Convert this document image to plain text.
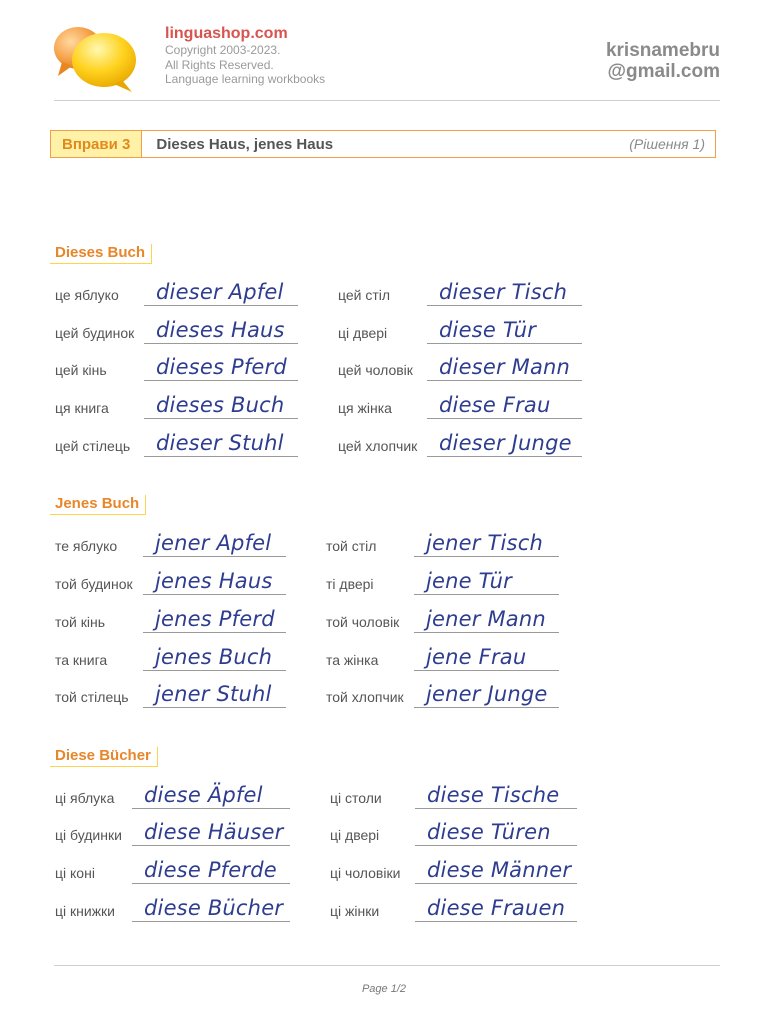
linguashop.com
Copyright 2003-2023.
All Rights Reserved.
Language learning workbooks
krisnamebru
@gmail.com
Вправи 3	Dieses Haus, jenes Haus	(Рішення 1)
Dieses Buch
це яблуко	dieser Apfel	цей стіл	dieser Tisch
цей будинок	dieses Haus	ці двері	diese Tür
цей кінь	dieses Pferd	цей чоловік	dieser Mann
ця книга	dieses Buch	ця жінка	diese Frau
цей стілець	dieser Stuhl	цей хлопчик	dieser Junge
Jenes Buch
те яблуко	jener Apfel	той стіл	jener Tisch
той будинок	jenes Haus	ті двері	jene Tür
той кінь	jenes Pferd	той чоловік	jener Mann
та книга	jenes Buch	та жінка	jene Frau
той стілець	jener Stuhl	той хлопчик	jener Junge
Diese Bücher
ці яблука	diese Äpfel	ці столи	diese Tische
ці будинки	diese Häuser	ці двері	diese Türen
ці коні	diese Pferde	ці чоловіки	diese Männer
ці книжки	diese Bücher	ці жінки	diese Frauen
Page 1/2
